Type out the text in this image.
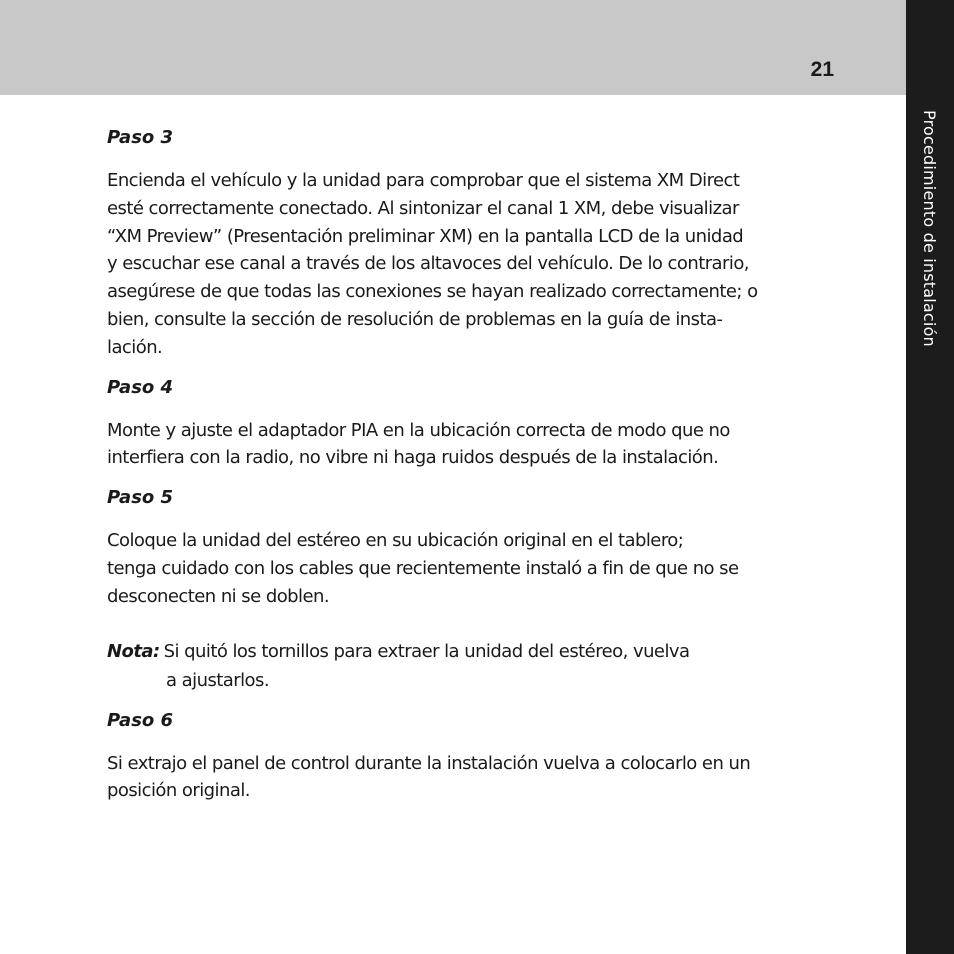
21
Procedimiento de instalación
Paso 3
Encienda el vehículo y la unidad para comprobar que el sistema XM Direct
esté correctamente conectado. Al sintonizar el canal 1 XM, debe visualizar
“XM Preview” (Presentación preliminar XM) en la pantalla LCD de la unidad
y escuchar ese canal a través de los altavoces del vehículo. De lo contrario,
asegúrese de que todas las conexiones se hayan realizado correctamente; o
bien, consulte la sección de resolución de problemas en la guía de insta-
lación.
Paso 4
Monte y ajuste el adaptador PIA en la ubicación correcta de modo que no
interfiera con la radio, no vibre ni haga ruidos después de la instalación.
Paso 5
Coloque la unidad del estéreo en su ubicación original en el tablero;
tenga cuidado con los cables que recientemente instaló a fin de que no se
desconecten ni se doblen.
Nota: Si quitó los tornillos para extraer la unidad del estéreo, vuelva
a ajustarlos.
Paso 6
Si extrajo el panel de control durante la instalación vuelva a colocarlo en un
posición original.
